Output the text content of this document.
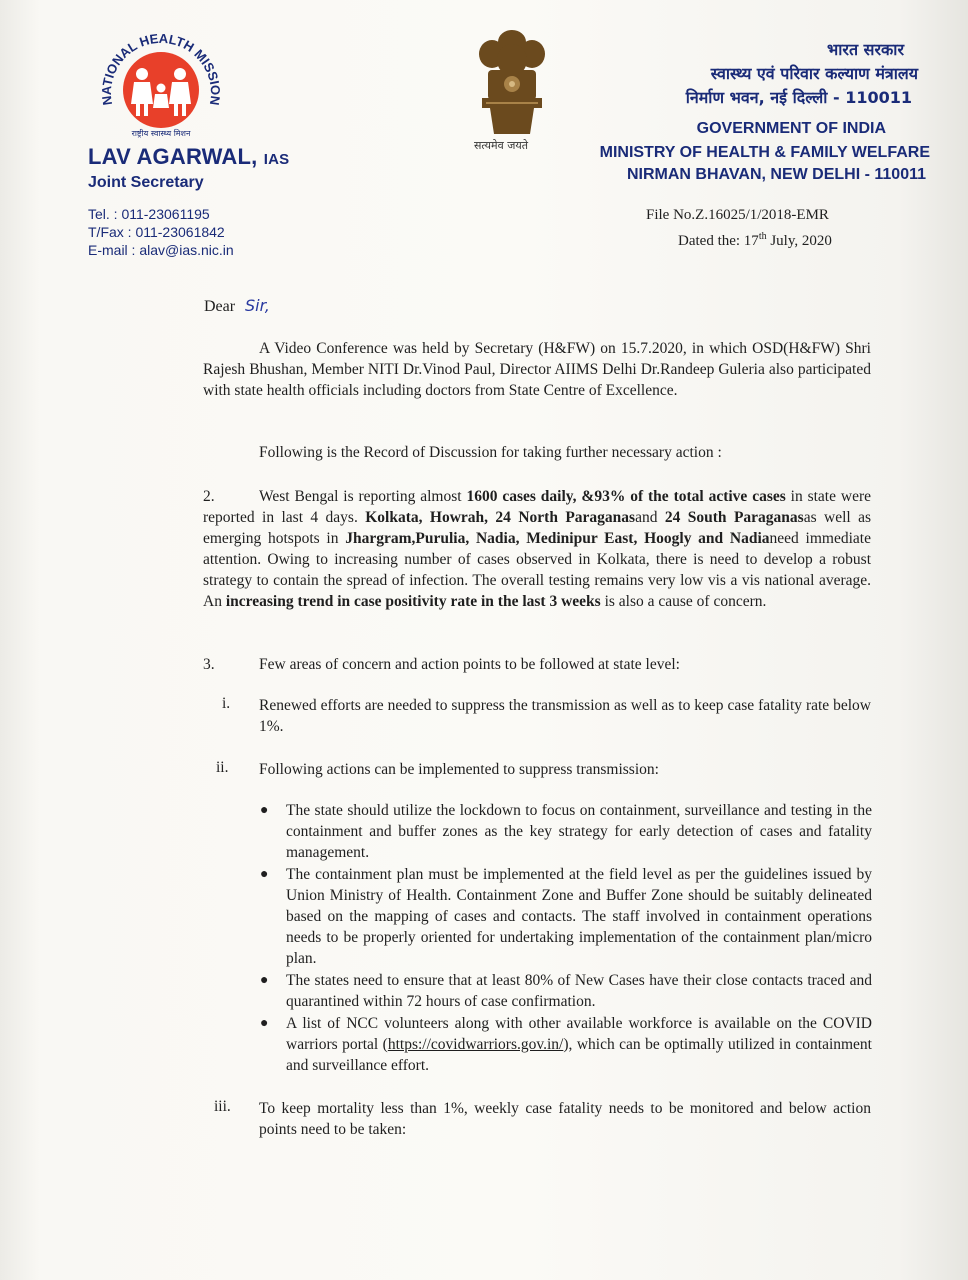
NATIONAL HEALTH MISSION
राष्ट्रीय स्वास्थ्य मिशन
LAV AGARWAL, IAS
Joint Secretary
Tel. : 011-23061195
T/Fax : 011-23061842
E-mail : alav@ias.nic.in
सत्यमेव जयते
भारत सरकार
स्वास्थ्य एवं परिवार कल्याण मंत्रालय
निर्माण भवन, नई दिल्ली - 110011
GOVERNMENT OF INDIA
MINISTRY OF HEALTH & FAMILY WELFARE
NIRMAN BHAVAN, NEW DELHI - 110011
File No.Z.16025/1/2018-EMR
Dated the: 17th July, 2020
Dear Sir,
A Video Conference was held by Secretary (H&FW) on 15.7.2020, in which OSD(H&FW) Shri Rajesh Bhushan, Member NITI Dr.Vinod Paul, Director AIIMS Delhi Dr.Randeep Guleria also participated with state health officials including doctors from State Centre of Excellence.
Following is the Record of Discussion for taking further necessary action :
2.	West Bengal is reporting almost 1600 cases daily, &93% of the total active cases in state were reported in last 4 days. Kolkata, Howrah, 24 North Paraganasand 24 South Paraganasas well as emerging hotspots in Jhargram,Purulia, Nadia, Medinipur East, Hoogly and Nadianeed immediate attention. Owing to increasing number of cases observed in Kolkata, there is need to develop a robust strategy to contain the spread of infection. The overall testing remains very low vis a vis national average. An increasing trend in case positivity rate in the last 3 weeks is also a cause of concern.
3.	Few areas of concern and action points to be followed at state level:
i. Renewed efforts are needed to suppress the transmission as well as to keep case fatality rate below 1%.
ii. Following actions can be implemented to suppress transmission:
● The state should utilize the lockdown to focus on containment, surveillance and testing in the containment and buffer zones as the key strategy for early detection of cases and fatality management.
● The containment plan must be implemented at the field level as per the guidelines issued by Union Ministry of Health. Containment Zone and Buffer Zone should be suitably delineated based on the mapping of cases and contacts. The staff involved in containment operations needs to be properly oriented for undertaking implementation of the containment plan/micro plan.
● The states need to ensure that at least 80% of New Cases have their close contacts traced and quarantined within 72 hours of case confirmation.
● A list of NCC volunteers along with other available workforce is available on the COVID warriors portal (https://covidwarriors.gov.in/), which can be optimally utilized in containment and surveillance effort.
iii. To keep mortality less than 1%, weekly case fatality needs to be monitored and below action points need to be taken:
